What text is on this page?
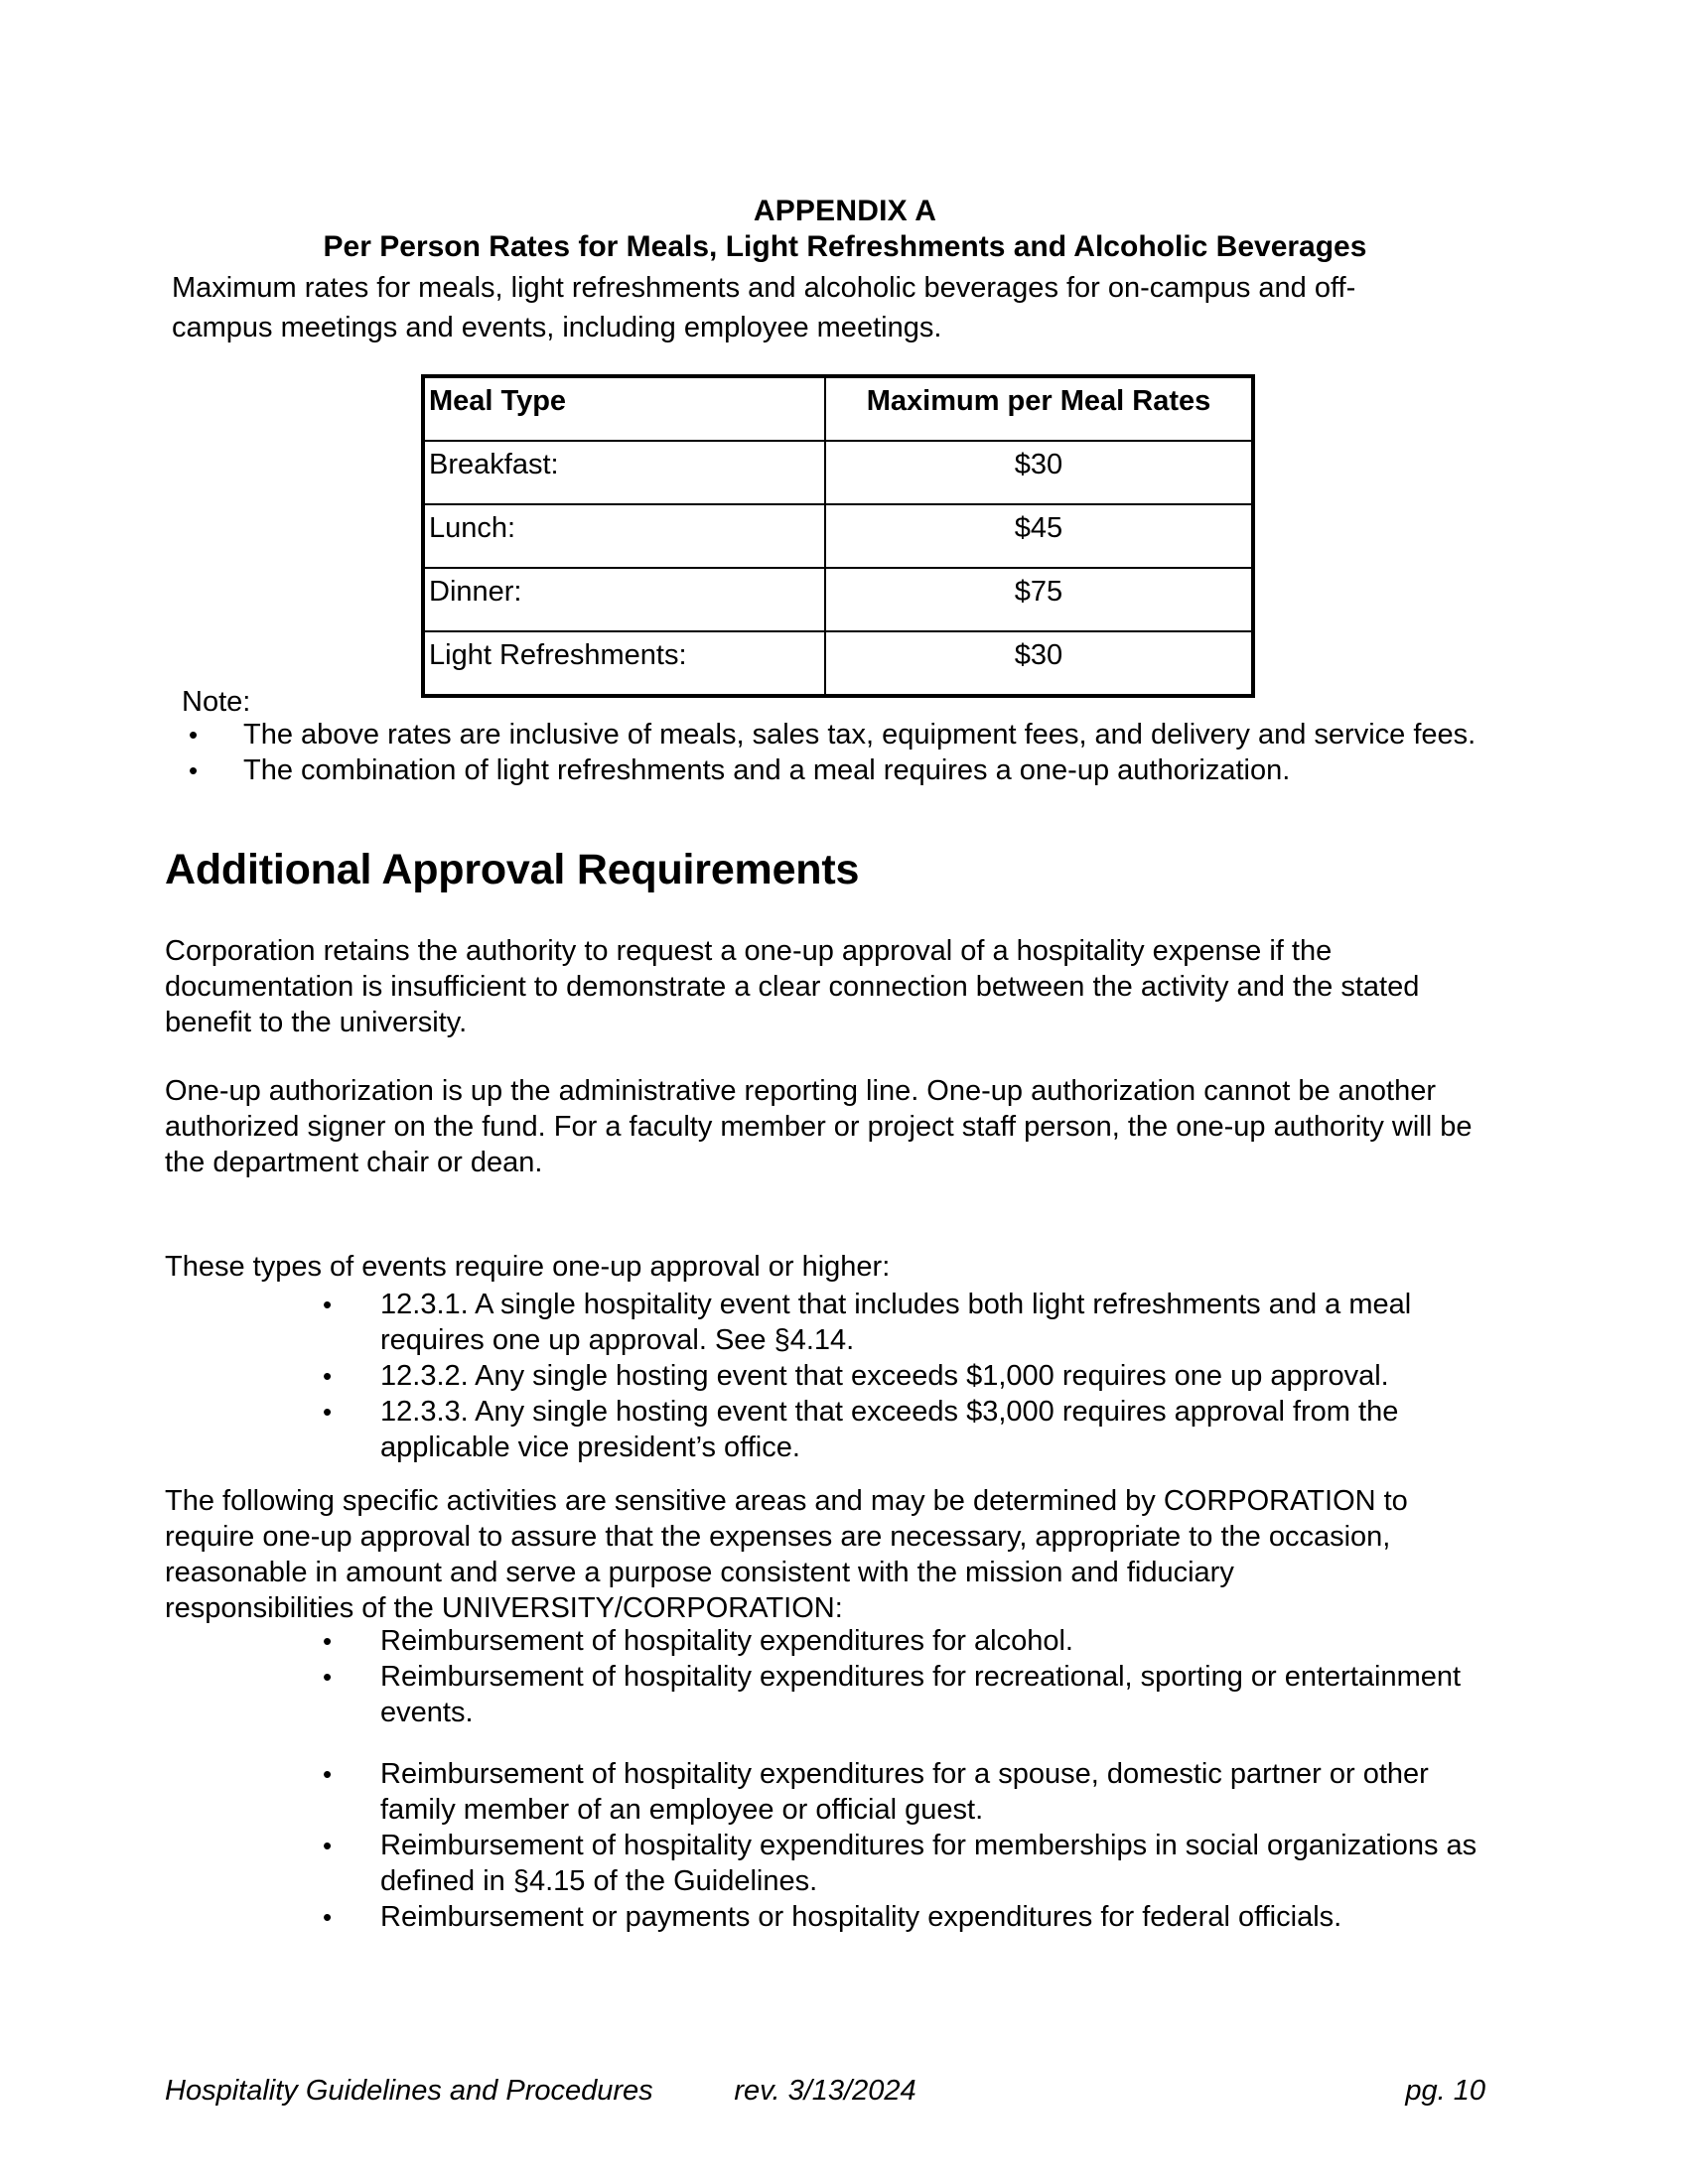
APPENDIX A
Per Person Rates for Meals, Light Refreshments and Alcoholic Beverages
Maximum rates for meals, light refreshments and alcoholic beverages for on-campus and off-
campus meetings and events, including employee meetings.
Meal Type	Maximum per Meal Rates
Breakfast:	$30
Lunch:	$45
Dinner:	$75
Light Refreshments:	$30
Note:
•	The above rates are inclusive of meals, sales tax, equipment fees, and delivery and service fees.
•	The combination of light refreshments and a meal requires a one-up authorization.
Additional Approval Requirements
Corporation retains the authority to request a one-up approval of a hospitality expense if the documentation is insufficient to demonstrate a clear connection between the activity and the stated benefit to the university.
One-up authorization is up the administrative reporting line. One-up authorization cannot be another authorized signer on the fund. For a faculty member or project staff person, the one-up authority will be the department chair or dean.
These types of events require one-up approval or higher:
•	12.3.1. A single hospitality event that includes both light refreshments and a meal requires one up approval. See §4.14.
•	12.3.2. Any single hosting event that exceeds $1,000 requires one up approval.
•	12.3.3. Any single hosting event that exceeds $3,000 requires approval from the applicable vice president’s office.
The following specific activities are sensitive areas and may be determined by CORPORATION to require one-up approval to assure that the expenses are necessary, appropriate to the occasion, reasonable in amount and serve a purpose consistent with the mission and fiduciary responsibilities of the UNIVERSITY/CORPORATION:
•	Reimbursement of hospitality expenditures for alcohol.
•	Reimbursement of hospitality expenditures for recreational, sporting or entertainment events.
•	Reimbursement of hospitality expenditures for a spouse, domestic partner or other family member of an employee or official guest.
•	Reimbursement of hospitality expenditures for memberships in social organizations as defined in §4.15 of the Guidelines.
•	Reimbursement or payments or hospitality expenditures for federal officials.
Hospitality Guidelines and Procedures	rev. 3/13/2024	pg. 10
